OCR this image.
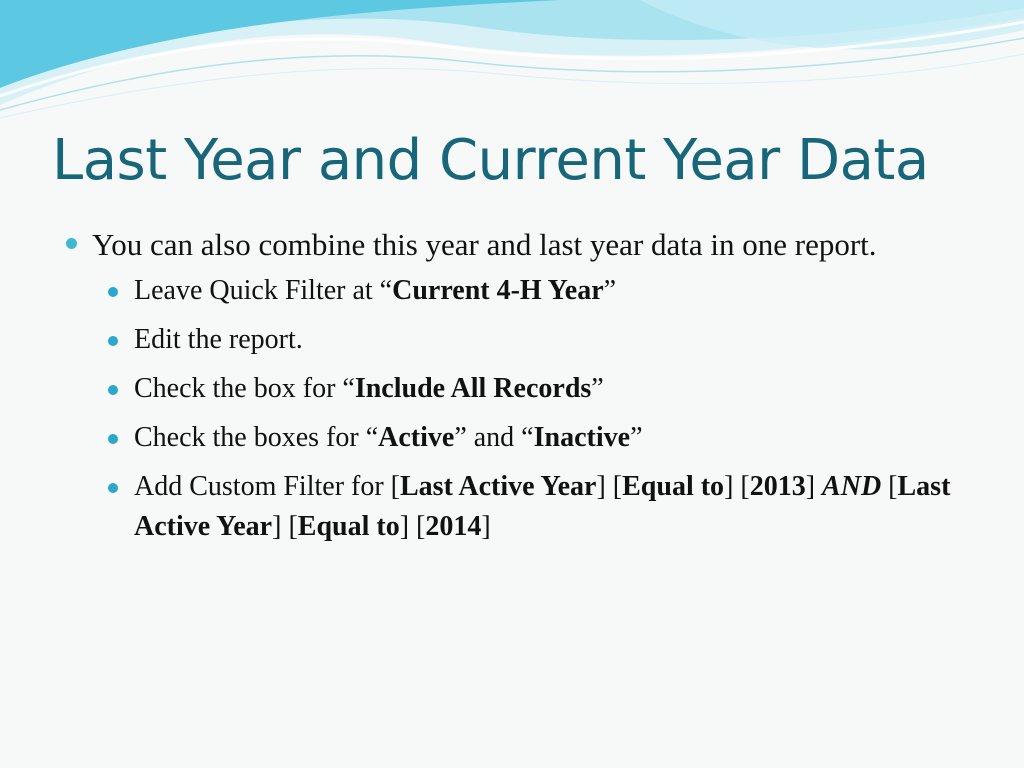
Last Year and Current Year Data
You can also combine this year and last year data in one report.
Leave Quick Filter at “Current 4-H Year”
Edit the report.
Check the box for “Include All Records”
Check the boxes for “Active” and “Inactive”
Add Custom Filter for [Last Active Year] [Equal to] [2013] AND [Last Active Year] [Equal to] [2014]
